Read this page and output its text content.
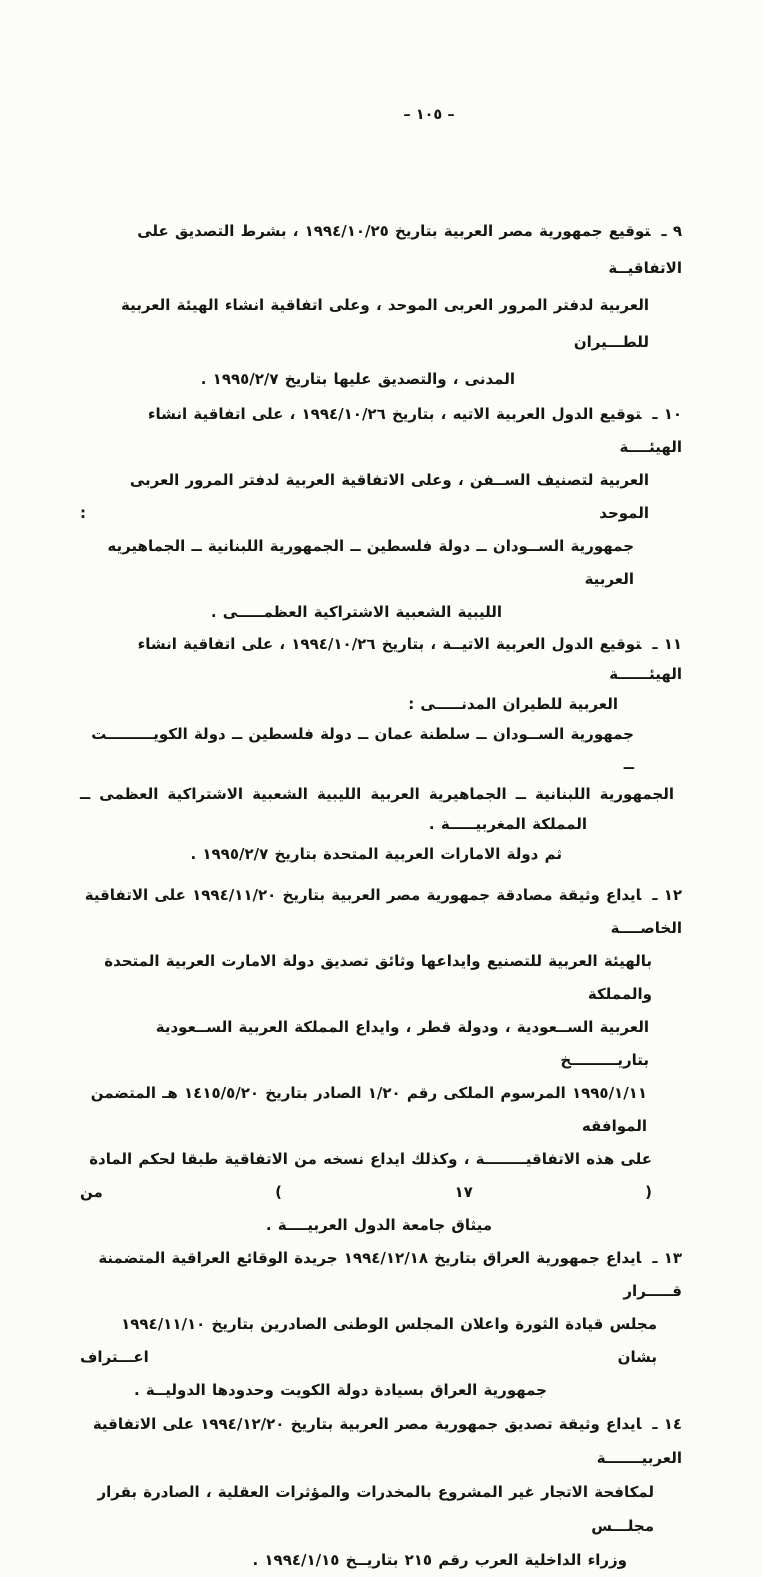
– ١٠٥ –
٩ ـتوقيع جمهورية مصر العربية بتاريخ ١٩٩٤/١٠/٢٥ ، بشرط التصديق على الاتفاقيــة
العربية لدفتر المرور العربى الموحد ، وعلى اتفاقية انشاء الهيئة العربية للطـــيران
المدنى ، والتصديق عليها بتاريخ ١٩٩٥/٢/٧ .
١٠ ـتوقيع الدول العربية الاتيه ، بتاريخ ١٩٩٤/١٠/٢٦ ، على اتفاقية انشاء الهيئــــة
العربية لتصنيف الســفن ، وعلى الاتفاقية العربية لدفتر المرور العربى الموحد :
جمهورية الســودان ــ دولة فلسطين ــ الجمهورية اللبنانية ــ الجماهيريه العربية
الليبية الشعبية الاشتراكية العظمـــــى .
١١ ـتوقيع الدول العربية الاتيــة ، بتاريخ ١٩٩٤/١٠/٢٦ ، على اتفاقية انشاء الهيئــــــة
العربية للطيران المدنـــــى :
جمهورية الســودان ــ سلطنة عمان ــ دولة فلسطين ــ دولة الكويـــــــــت ــ
الجمهورية اللبنانية ــ الجماهيرية العربية الليبية الشعبية الاشتراكية العظمى ــ
المملكة المغربيـــــة .
ثم دولة الامارات العربية المتحدة بتاريخ ١٩٩٥/٢/٧ .
١٢ ـايداع وثيقة مصادقة جمهورية مصر العربية بتاريخ ١٩٩٤/١١/٢٠ على الاتفاقية الخاصــــة
بالهيئة العربية للتصنيع وايداعها وثائق تصديق دولة الامارت العربية المتحدة والمملكة
العربية الســعودية ، ودولة قطر ، وايداع المملكة العربية الســعودية بتاريـــــــــخ
١٩٩٥/١/١١ المرسوم الملكى رقم ١/٢٠ الصادر بتاريخ ١٤١٥/٥/٢٠ هـ المتضمن الموافقه
على هذه الاتفاقيــــــــة ، وكذلك ايداع نسخه من الاتفاقية طبقا لحكم المادة ( ١٧ ) من
ميثاق جامعة الدول العربيــــة .
١٣ ـايداع جمهورية العراق بتاريخ ١٩٩٤/١٢/١٨ جريدة الوقائع العراقية المتضمنة قـــــرار
مجلس قيادة الثورة واعلان المجلس الوطنى الصادرين بتاريخ ١٩٩٤/١١/١٠ بشان اعـــتراف
جمهورية العراق بسيادة دولة الكويت وحدودها الدوليــة .
١٤ ـايداع وثيقة تصديق جمهورية مصر العربية بتاريخ ١٩٩٤/١٢/٢٠ على الاتفاقية العربيـــــــة
لمكافحة الاتجار غير المشروع بالمخدرات والمؤثرات العقلية ، الصادرة بقرار مجلـــس
وزراء الداخلية العرب رقم ٢١٥ بتاريــخ ١٩٩٤/١/١٥ .
